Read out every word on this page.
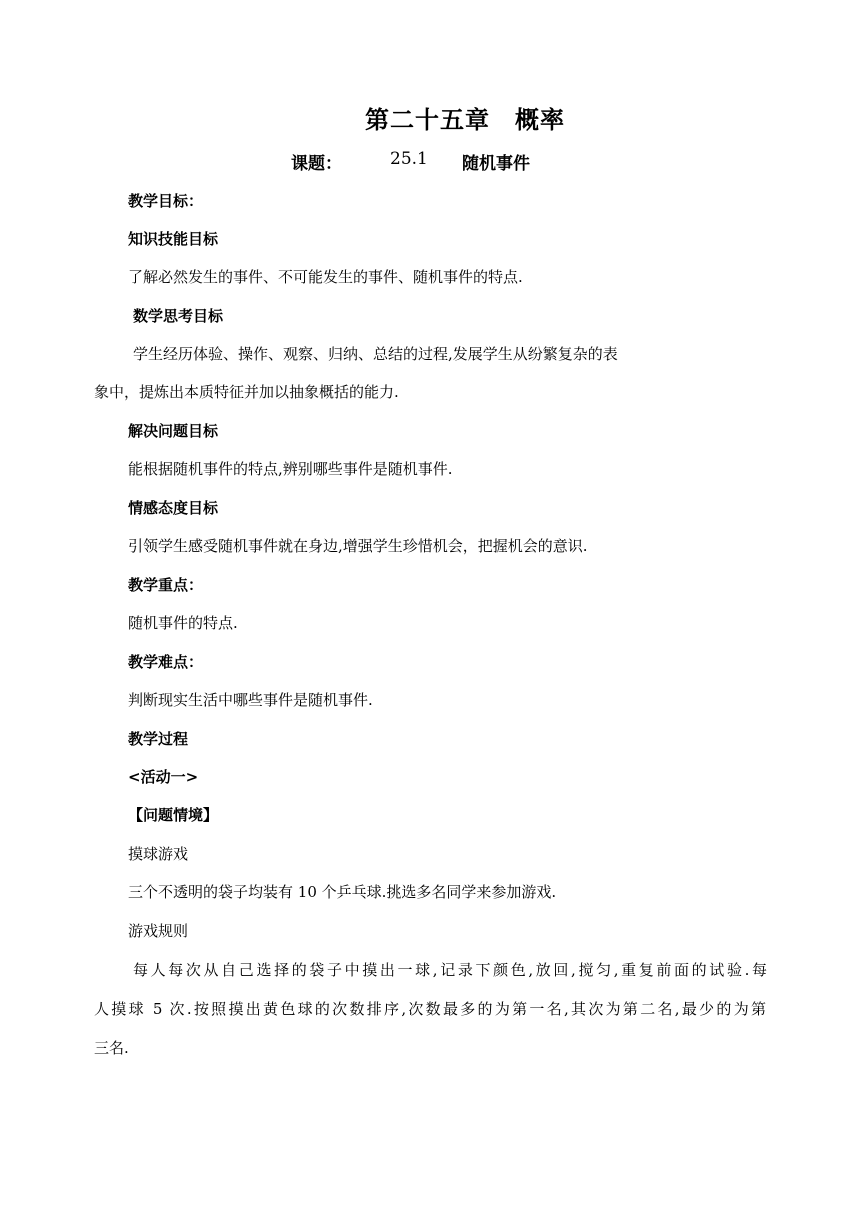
第二十五章　概率
课题：	25.1 随机事件
教学目标：
知识技能目标
了解必然发生的事件、不可能发生的事件、随机事件的特点.
数学思考目标
学生经历体验、操作、观察、归纳、总结的过程,发展学生从纷繁复杂的表
象中，提炼出本质特征并加以抽象概括的能力.
解决问题目标
能根据随机事件的特点,辨别哪些事件是随机事件.
情感态度目标
引领学生感受随机事件就在身边,增强学生珍惜机会，把握机会的意识.
教学重点：
随机事件的特点.
教学难点：
判断现实生活中哪些事件是随机事件.
教学过程
<活动一>
【问题情境】
摸球游戏
三个不透明的袋子均装有 10 个乒乓球.挑选多名同学来参加游戏.
游戏规则
每人每次从自己选择的袋子中摸出一球,记录下颜色,放回,搅匀,重复前面的试验.每
人摸球 5 次.按照摸出黄色球的次数排序,次数最多的为第一名,其次为第二名,最少的为第
三名.
